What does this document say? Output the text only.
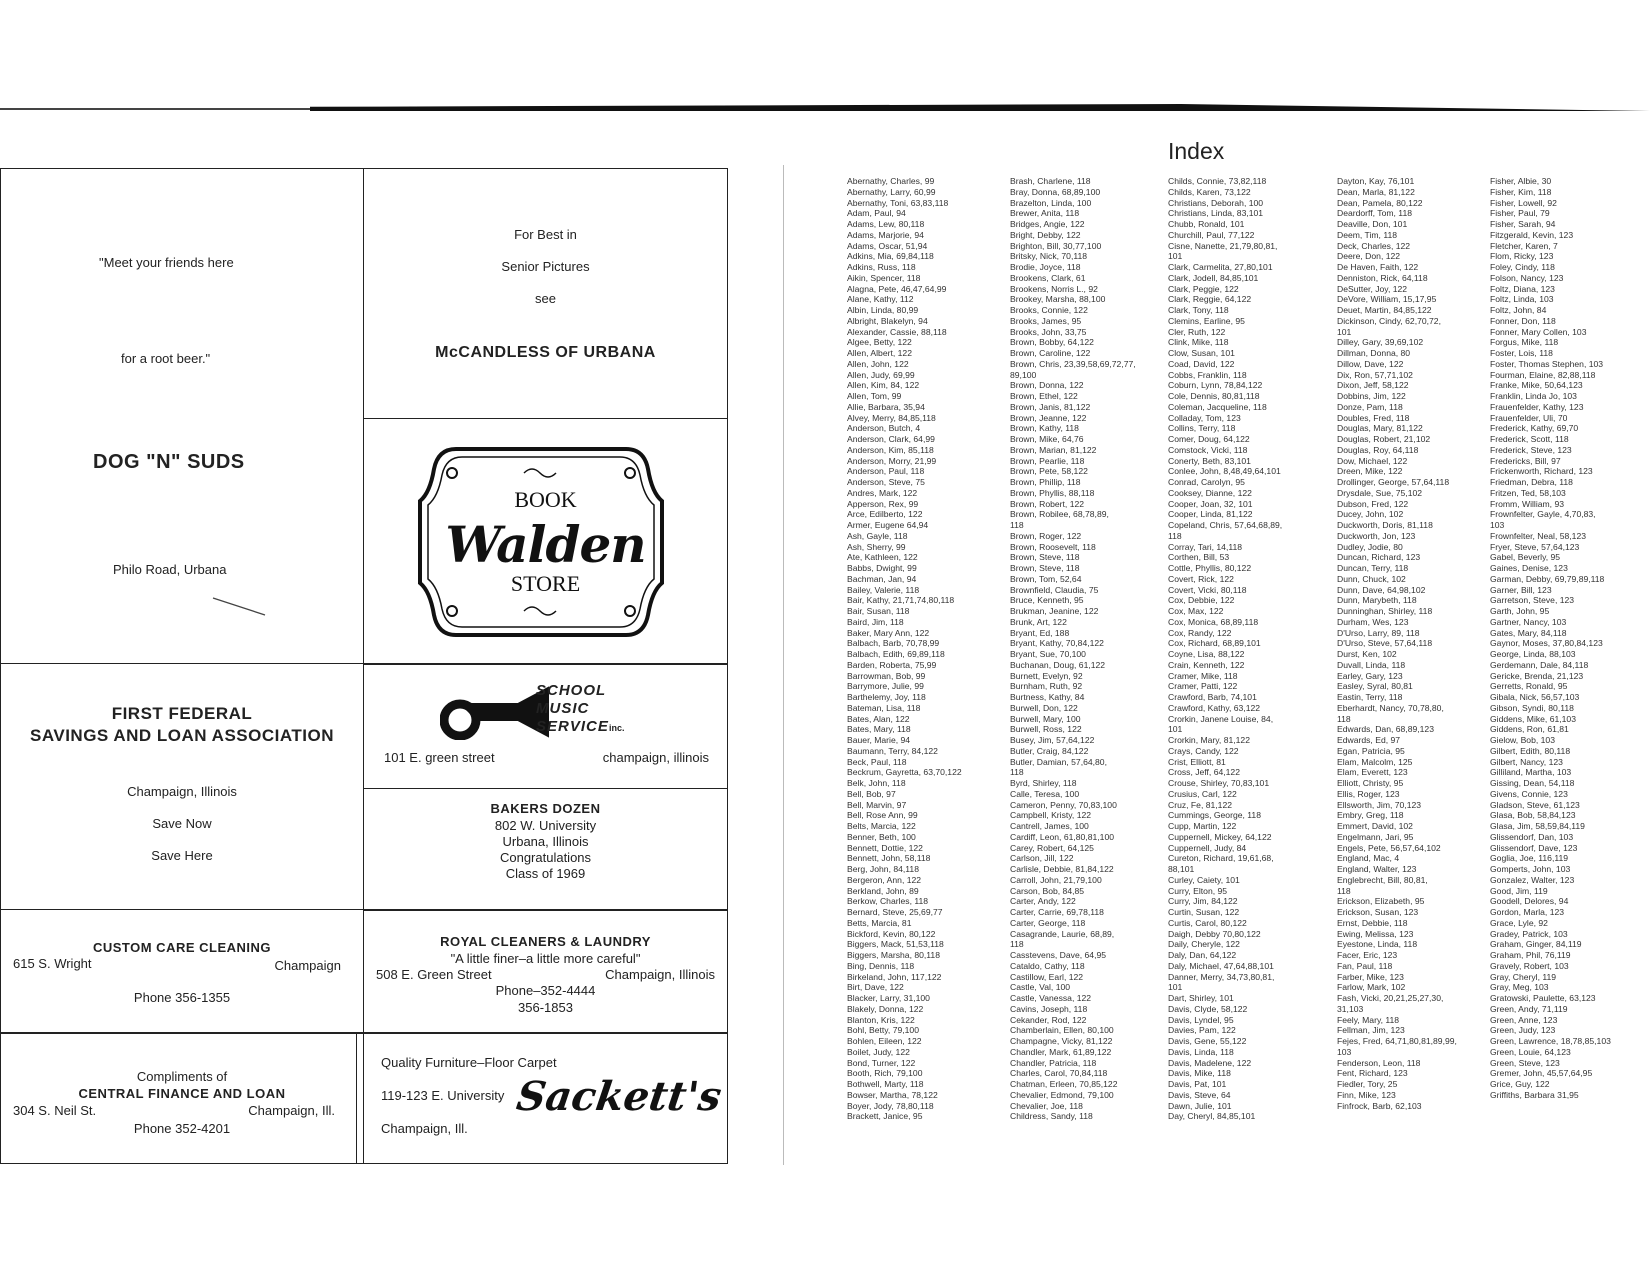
"Meet your friends here
for a root beer."
DOG "N" SUDS
Philo Road, Urbana
For Best in
Senior Pictures
see
McCANDLESS OF URBANA
BOOK
Walden
STORE
FIRST FEDERAL
SAVINGS AND LOAN ASSOCIATION
Champaign, Illinois
Save Now
Save Here
SCHOOL
MUSIC
SERVICE inc.
101 E. green street	champaign, illinois
BAKERS DOZEN
802 W. University
Urbana, Illinois
Congratulations
Class of 1969
CUSTOM CARE CLEANING
615 S. Wright	Champaign
Phone 356-1355
ROYAL CLEANERS & LAUNDRY
"A little finer–a little more careful"
508 E. Green Street	Champaign, Illinois
Phone–352-4444
356-1853
Compliments of
CENTRAL FINANCE AND LOAN
304 S. Neil St.	Champaign, Ill.
Phone 352-4201
Quality Furniture–Floor Carpet
119-123 E. University
Champaign, Ill.
Sackett's
Index
Abernathy, Charles, 99
Abernathy, Larry, 60,99
Abernathy, Toni, 63,83,118
Adam, Paul, 94
Adams, Lew, 80,118
Adams, Marjorie, 94
Adams, Oscar, 51,94
Adkins, Mia, 69,84,118
Adkins, Russ, 118
Aikin, Spencer, 118
Alagna, Pete, 46,47,64,99
Alane, Kathy, 112
Albin, Linda, 80,99
Albright, Blakelyn, 94
Alexander, Cassie, 88,118
Algee, Betty, 122
Allen, Albert, 122
Allen, John, 122
Allen, Judy, 69,99
Allen, Kim, 84, 122
Allen, Tom, 99
Allie, Barbara, 35,94
Alvey, Merry, 84,85,118
Anderson, Butch, 4
Anderson, Clark, 64,99
Anderson, Kim, 85,118
Anderson, Morry, 21,99
Anderson, Paul, 118
Anderson, Steve, 75
Andres, Mark, 122
Apperson, Rex, 99
Arce, Edilberto, 122
Armer, Eugene 64,94
Ash, Gayle, 118
Ash, Sherry, 99
Ate, Kathleen, 122
Babbs, Dwight, 99
Bachman, Jan, 94
Bailey, Valerie, 118
Bair, Kathy, 21,71,74,80,118
Bair, Susan, 118
Baird, Jim, 118
Baker, Mary Ann, 122
Balbach, Barb, 70,78,99
Balbach, Edith, 69,89,118
Barden, Roberta, 75,99
Barrowman, Bob, 99
Barrymore, Julie, 99
Barthelemy, Joy, 118
Bateman, Lisa, 118
Bates, Alan, 122
Bates, Mary, 118
Bauer, Marie, 94
Baumann, Terry, 84,122
Beck, Paul, 118
Beckrum, Gayretta, 63,70,122
Belk, John, 118
Bell, Bob, 97
Bell, Marvin, 97
Bell, Rose Ann, 99
Belts, Marcia, 122
Benner, Beth, 100
Bennett, Dottie, 122
Bennett, John, 58,118
Berg, John, 84,118
Bergeron, Ann, 122
Berkland, John, 89
Berkow, Charles, 118
Bernard, Steve, 25,69,77
Betts, Marcia, 81
Bickford, Kevin, 80,122
Biggers, Mack, 51,53,118
Biggers, Marsha, 80,118
Bing, Dennis, 118
Birkeland, John, 117,122
Birt, Dave, 122
Blacker, Larry, 31,100
Blakely, Donna, 122
Blanton, Kris, 122
Bohl, Betty, 79,100
Bohlen, Eileen, 122
Boilet, Judy, 122
Bond, Turner, 122
Booth, Rich, 79,100
Bothwell, Marty, 118
Bowser, Martha, 78,122
Boyer, Jody, 78,80,118
Brackett, Janice, 95
Brash, Charlene, 118
Bray, Donna, 68,89,100
Brazelton, Linda, 100
Brewer, Anita, 118
Bridges, Angie, 122
Bright, Debby, 122
Brighton, Bill, 30,77,100
Britsky, Nick, 70,118
Brodie, Joyce, 118
Brookens, Clark, 61
Brookens, Norris L., 92
Brookey, Marsha, 88,100
Brooks, Connie, 122
Brooks, James, 95
Brooks, John, 33,75
Brown, Bobby, 64,122
Brown, Caroline, 122
Brown, Chris, 23,39,58,69,72,77,
89,100
Brown, Donna, 122
Brown, Ethel, 122
Brown, Janis, 81,122
Brown, Jeanne, 122
Brown, Kathy, 118
Brown, Mike, 64,76
Brown, Marian, 81,122
Brown, Pearlie, 118
Brown, Pete, 58,122
Brown, Phillip, 118
Brown, Phyllis, 88,118
Brown, Robert, 122
Brown, Robilee, 68,78,89,
118
Brown, Roger, 122
Brown, Roosevelt, 118
Brown, Steve, 118
Brown, Steve, 118
Brown, Tom, 52,64
Brownfield, Claudia, 75
Bruce, Kenneth, 95
Brukman, Jeanine, 122
Brunk, Art, 122
Bryant, Ed, 188
Bryant, Kathy, 70,84,122
Bryant, Sue, 70,100
Buchanan, Doug, 61,122
Burnett, Evelyn, 92
Burnham, Ruth, 92
Burtness, Kathy, 84
Burwell, Don, 122
Burwell, Mary, 100
Burwell, Ross, 122
Busey, Jim, 57,64,122
Butler, Craig, 84,122
Butler, Damian, 57,64,80,
118
Byrd, Shirley, 118
Calle, Teresa, 100
Cameron, Penny, 70,83,100
Campbell, Kristy, 122
Cantrell, James, 100
Cardiff, Leon, 61,80,81,100
Carey, Robert, 64,125
Carlson, Jill, 122
Carlisle, Debbie, 81,84,122
Carroll, John, 21,79,100
Carson, Bob, 84,85
Carter, Andy, 122
Carter, Carrie, 69,78,118
Carter, George, 118
Casagrande, Laurie, 68,89,
118
Casstevens, Dave, 64,95
Cataldo, Cathy, 118
Castillow, Earl, 122
Castle, Val, 100
Castle, Vanessa, 122
Cavins, Joseph, 118
Cekander, Rod, 122
Chamberlain, Ellen, 80,100
Champagne, Vicky, 81,122
Chandler, Mark, 61,89,122
Chandler, Patricia, 118
Charles, Carol, 70,84,118
Chatman, Erleen, 70,85,122
Chevalier, Edmond, 79,100
Chevalier, Joe, 118
Childress, Sandy, 118
Childs, Connie, 73,82,118
Childs, Karen, 73,122
Christians, Deborah, 100
Christians, Linda, 83,101
Chubb, Ronald, 101
Churchill, Paul, 77,122
Cisne, Nanette, 21,79,80,81,
101
Clark, Carmelita, 27,80,101
Clark, Jodell, 84,85,101
Clark, Peggie, 122
Clark, Reggie, 64,122
Clark, Tony, 118
Clemins, Earline, 95
Cler, Ruth, 122
Clink, Mike, 118
Clow, Susan, 101
Coad, David, 122
Cobbs, Franklin, 118
Coburn, Lynn, 78,84,122
Cole, Dennis, 80,81,118
Coleman, Jacqueline, 118
Colladay, Tom, 123
Collins, Terry, 118
Comer, Doug, 64,122
Comstock, Vicki, 118
Conerty, Beth, 83,101
Conlee, John, 8,48,49,64,101
Conrad, Carolyn, 95
Cooksey, Dianne, 122
Cooper, Joan, 32, 101
Cooper, Linda, 81,122
Copeland, Chris, 57,64,68,89,
118
Corray, Tari, 14,118
Corthen, Bill, 53
Cottle, Phyllis, 80,122
Covert, Rick, 122
Covert, Vicki, 80,118
Cox, Debbie, 122
Cox, Max, 122
Cox, Monica, 68,89,118
Cox, Randy, 122
Cox, Richard, 68,89,101
Coyne, Lisa, 88,122
Crain, Kenneth, 122
Cramer, Mike, 118
Cramer, Patti, 122
Crawford, Barb, 74,101
Crawford, Kathy, 63,122
Crorkin, Janene Louise, 84,
101
Crorkin, Mary, 81,122
Crays, Candy, 122
Crist, Elliott, 81
Cross, Jeff, 64,122
Crouse, Shirley, 70,83,101
Crusius, Carl, 122
Cruz, Fe, 81,122
Cummings, George, 118
Cupp, Martin, 122
Cuppernell, Mickey, 64,122
Cuppernell, Judy, 84
Cureton, Richard, 19,61,68,
88,101
Curley, Caiety, 101
Curry, Elton, 95
Curry, Jim, 84,122
Curtin, Susan, 122
Curtis, Carol, 80,122
Daigh, Debby 70,80,122
Daily, Cheryle, 122
Daly, Dan, 64,122
Daly, Michael, 47,64,88,101
Danner, Merry, 34,73,80,81,
101
Dart, Shirley, 101
Davis, Clyde, 58,122
Davis, Lyndel, 95
Davies, Pam, 122
Davis, Gene, 55,122
Davis, Linda, 118
Davis, Madelene, 122
Davis, Mike, 118
Davis, Pat, 101
Davis, Steve, 64
Dawn, Julie, 101
Day, Cheryl, 84,85,101
Dayton, Kay, 76,101
Dean, Marla, 81,122
Dean, Pamela, 80,122
Deardorff, Tom, 118
Deaville, Don, 101
Deem, Tim, 118
Deck, Charles, 122
Deere, Don, 122
De Haven, Faith, 122
Denniston, Rick, 64,118
DeSutter, Joy, 122
DeVore, William, 15,17,95
Deuet, Martin, 84,85,122
Dickinson, Cindy, 62,70,72,
101
Dilley, Gary, 39,69,102
Dillman, Donna, 80
Dillow, Dave, 122
Dix, Ron, 57,71,102
Dixon, Jeff, 58,122
Dobbins, Jim, 122
Donze, Pam, 118
Doubles, Fred, 118
Douglas, Mary, 81,122
Douglas, Robert, 21,102
Douglas, Roy, 64,118
Dow, Michael, 122
Dreen, Mike, 122
Drollinger, George, 57,64,118
Drysdale, Sue, 75,102
Dubson, Fred, 122
Ducey, John, 102
Duckworth, Doris, 81,118
Duckworth, Jon, 123
Dudley, Jodie, 80
Duncan, Richard, 123
Duncan, Terry, 118
Dunn, Chuck, 102
Dunn, Dave, 64,98,102
Dunn, Marybeth, 118
Dunninghan, Shirley, 118
Durham, Wes, 123
D'Urso, Larry, 89, 118
D'Urso, Steve, 57,64,118
Durst, Ken, 102
Duvall, Linda, 118
Earley, Gary, 123
Easley, Syral, 80,81
Eastin, Terry, 118
Eberhardt, Nancy, 70,78,80,
118
Edwards, Dan, 68,89,123
Edwards, Ed, 97
Egan, Patricia, 95
Elam, Malcolm, 125
Elam, Everett, 123
Elliott, Christy, 95
Ellis, Roger, 123
Ellsworth, Jim, 70,123
Embry, Greg, 118
Emmert, David, 102
Engelmann, Jari, 95
Engels, Pete, 56,57,64,102
England, Mac, 4
England, Walter, 123
Englebrecht, Bill, 80,81,
118
Erickson, Elizabeth, 95
Erickson, Susan, 123
Ernst, Debbie, 118
Ewing, Melissa, 123
Eyestone, Linda, 118
Facer, Eric, 123
Fan, Paul, 118
Farber, Mike, 123
Farlow, Mark, 102
Fash, Vicki, 20,21,25,27,30,
31,103
Feely, Mary, 118
Fellman, Jim, 123
Fejes, Fred, 64,71,80,81,89,99,
103
Fenderson, Leon, 118
Fent, Richard, 123
Fiedler, Tory, 25
Finn, Mike, 123
Finfrock, Barb, 62,103
Fisher, Albie, 30
Fisher, Kim, 118
Fisher, Lowell, 92
Fisher, Paul, 79
Fisher, Sarah, 94
Fitzgerald, Kevin, 123
Fletcher, Karen, 7
Flom, Ricky, 123
Foley, Cindy, 118
Folson, Nancy, 123
Foltz, Diana, 123
Foltz, Linda, 103
Foltz, John, 84
Fonner, Don, 118
Fonner, Mary Collen, 103
Forgus, Mike, 118
Foster, Lois, 118
Foster, Thomas Stephen, 103
Fourman, Elaine, 82,88,118
Franke, Mike, 50,64,123
Franklin, Linda Jo, 103
Frauenfelder, Kathy, 123
Frauenfelder, Uli, 70
Frederick, Kathy, 69,70
Frederick, Scott, 118
Frederick, Steve, 123
Fredericks, Bill, 97
Frickenworth, Richard, 123
Friedman, Debra, 118
Fritzen, Ted, 58,103
Fromm, William, 93
Frownfelter, Gayle, 4,70,83,
103
Frownfelter, Neal, 58,123
Fryer, Steve, 57,64,123
Gabel, Beverly, 95
Gaines, Denise, 123
Garman, Debby, 69,79,89,118
Garner, Bill, 123
Garretson, Steve, 123
Garth, John, 95
Gartner, Nancy, 103
Gates, Mary, 84,118
Gaynor, Moses, 37,80,84,123
George, Linda, 88,103
Gerdemann, Dale, 84,118
Gericke, Brenda, 21,123
Gerretts, Ronald, 95
Gibala, Nick, 56,57,103
Gibson, Syndi, 80,118
Giddens, Mike, 61,103
Giddens, Ron, 61,81
Gielow, Bob, 103
Gilbert, Edith, 80,118
Gilbert, Nancy, 123
Gilliland, Martha, 103
Gissing, Dean, 54,118
Givens, Connie, 123
Gladson, Steve, 61,123
Glasa, Bob, 58,84,123
Glasa, Jim, 58,59,84,119
Glissendorf, Dan, 103
Glissendorf, Dave, 123
Goglia, Joe, 116,119
Gomperts, John, 103
Gonzalez, Walter, 123
Good, Jim, 119
Goodell, Delores, 94
Gordon, Marla, 123
Grace, Lyle, 92
Gradey, Patrick, 103
Graham, Ginger, 84,119
Graham, Phil, 76,119
Gravely, Robert, 103
Gray, Cheryl, 119
Gray, Meg, 103
Gratowski, Paulette, 63,123
Green, Andy, 71,119
Green, Anne, 123
Green, Judy, 123
Green, Lawrence, 18,78,85,103
Green, Louie, 64,123
Green, Steve, 123
Gremer, John, 45,57,64,95
Grice, Guy, 122
Griffiths, Barbara 31,95
